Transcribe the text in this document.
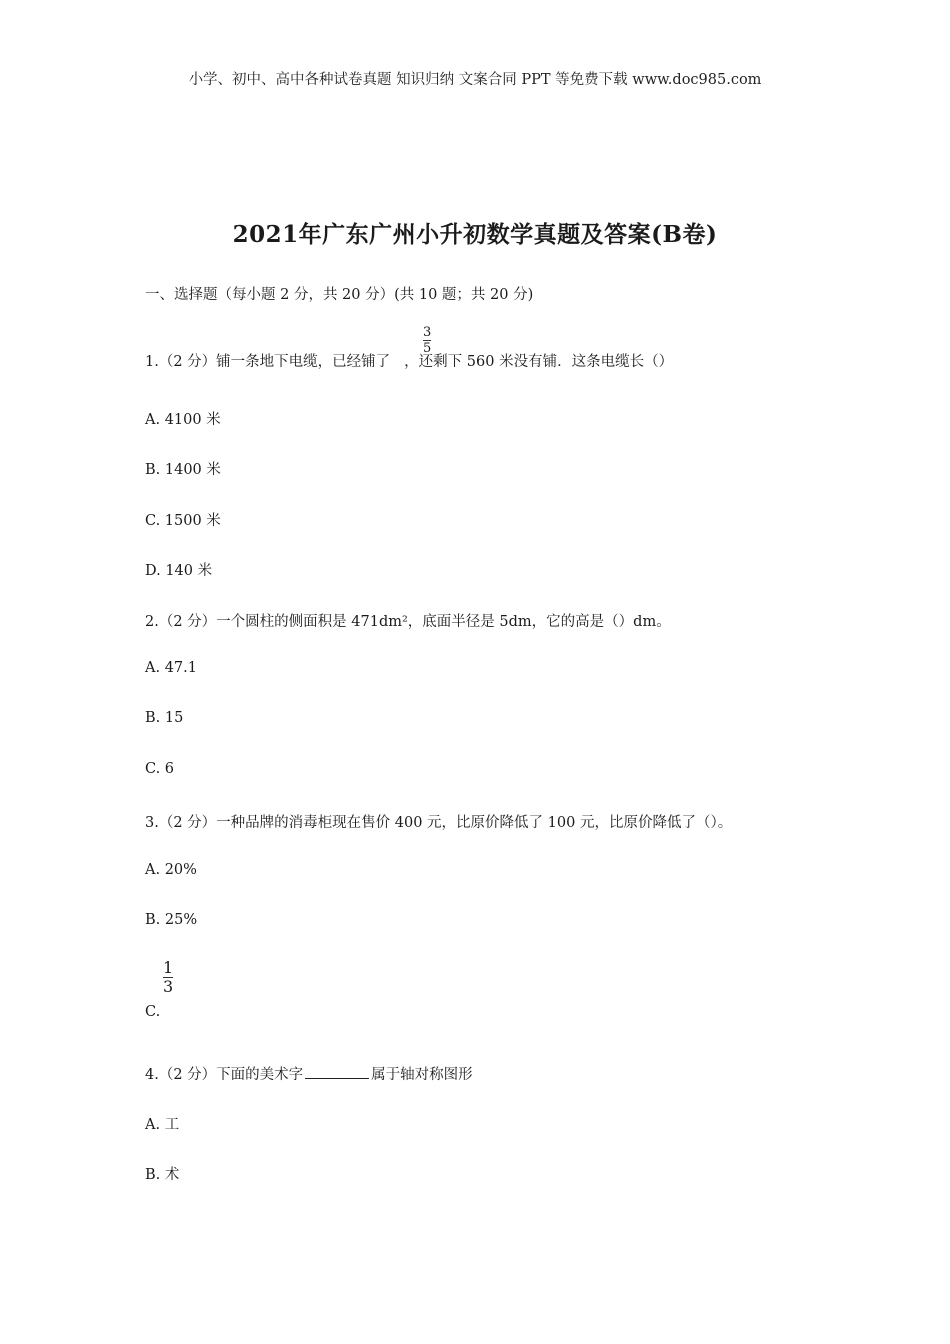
小学、初中、高中各种试卷真题 知识归纳 文案合同 PPT 等免费下载 www.doc985.com
2021年广东广州小升初数学真题及答案(B卷)
一、选择题（每小题 2 分，共 20 分）(共 10 题；共 20 分)
1.（2 分）铺一条地下电缆，已经铺了 ，还剩下 560 米没有铺．这条电缆长（）
3
5
A. 4100 米
B. 1400 米
C. 1500 米
D. 140 米
2.（2 分）一个圆柱的侧面积是 471dm²，底面半径是 5dm，它的高是（）dm。
A. 47.1
B. 15
C. 6
3.（2 分）一种品牌的消毒柜现在售价 400 元，比原价降低了 100 元，比原价降低了（）。
A. 20%
B. 25%
1
3
C.
4.（2 分）下面的美术字	属于轴对称图形
A. 工
B. 术
